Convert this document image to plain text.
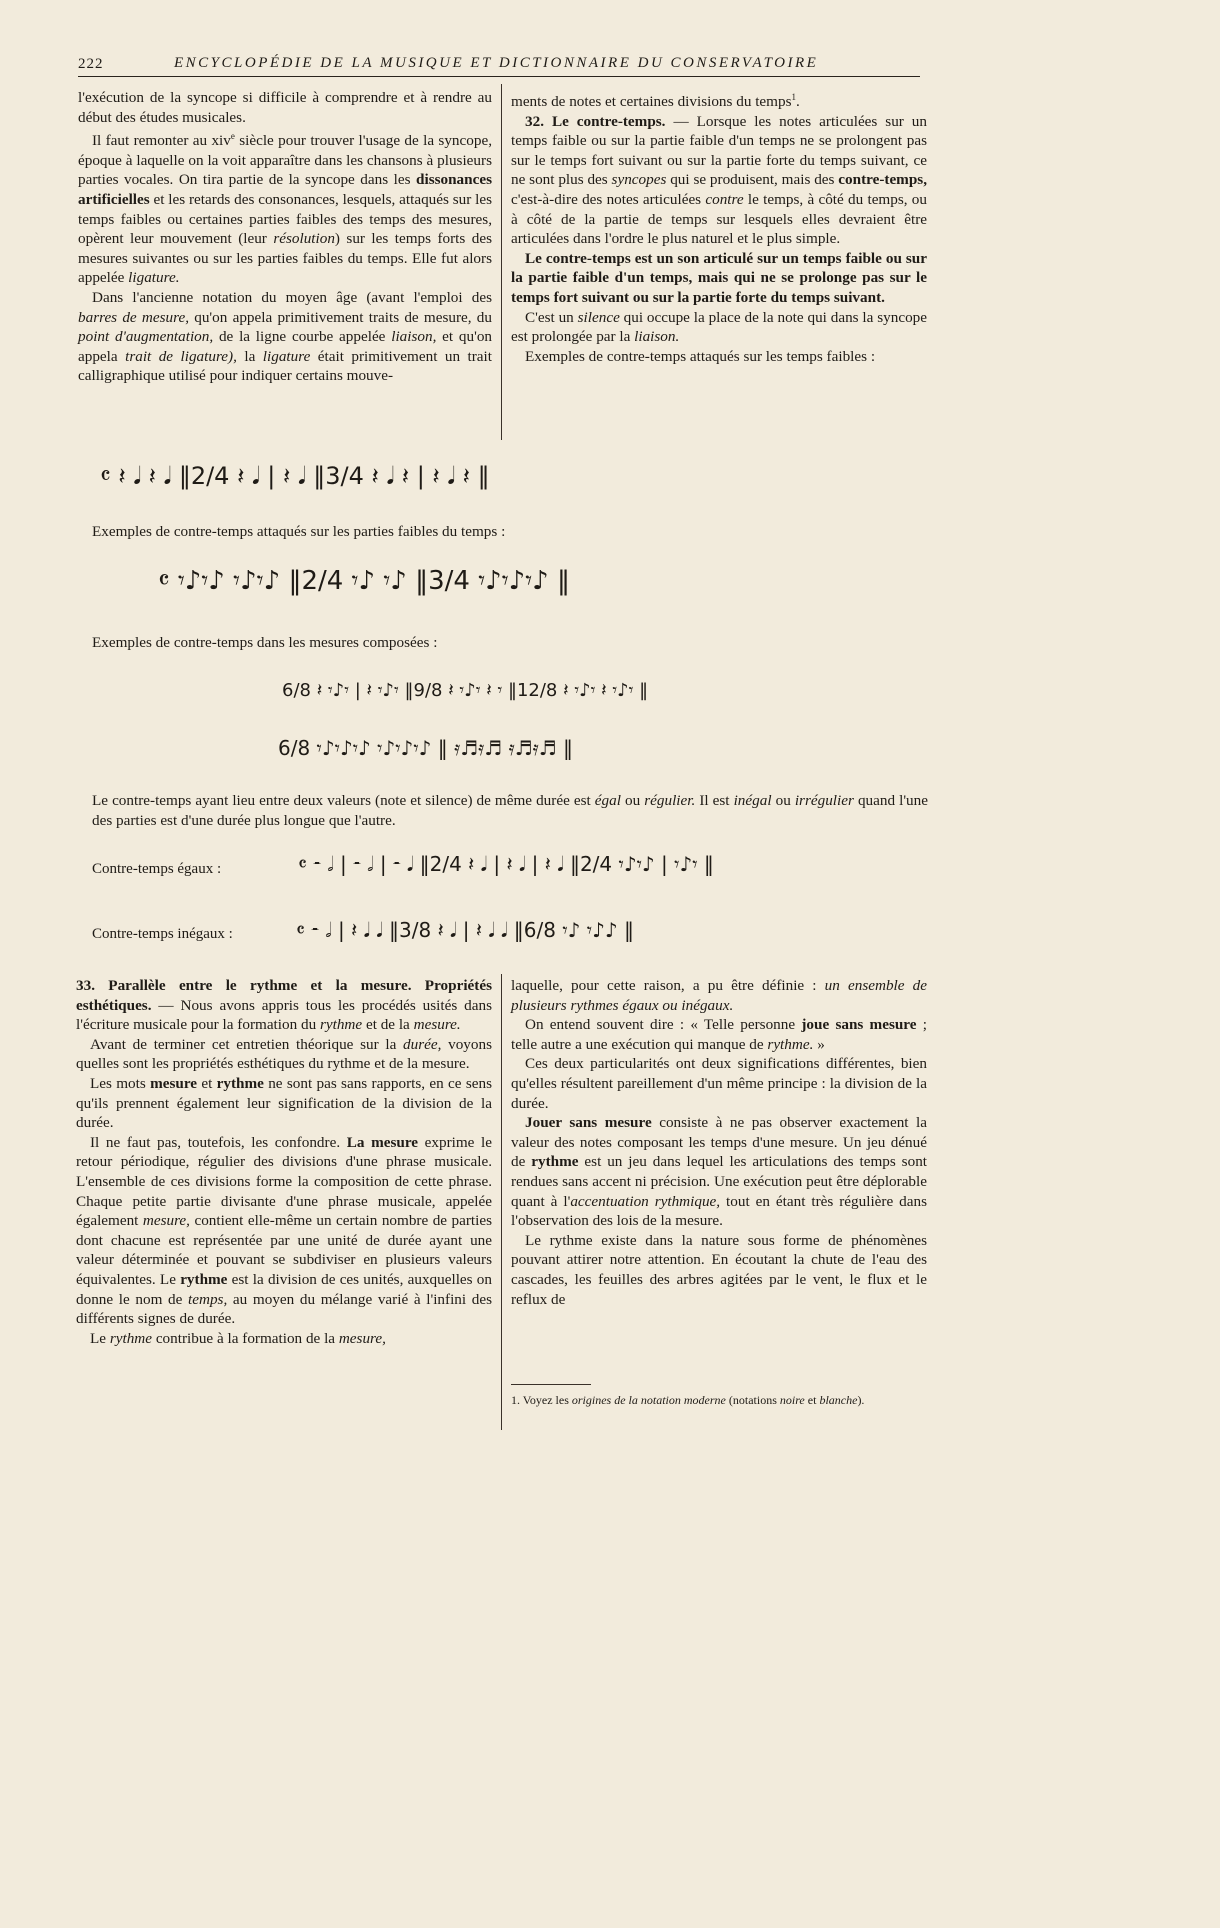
222	ENCYCLOPÉDIE DE LA MUSIQUE ET DICTIONNAIRE DU CONSERVATOIRE

l'exécution de la syncope si difficile à comprendre et à rendre au début des études musicales.

Il faut remonter au xiv$^e$ siècle pour trouver l'usage de la syncope, époque à laquelle on la voit apparaître dans les chansons à plusieurs parties vocales. On tira partie de la syncope dans les dissonances artificielles et les retards des consonances, lesquels, attaqués sur les temps faibles ou certaines parties faibles des temps des mesures, opèrent leur mouvement (leur résolution) sur les temps forts des mesures suivantes ou sur les parties faibles du temps. Elle fut alors appelée ligature.

Dans l'ancienne notation du moyen âge (avant l'emploi des barres de mesure, qu'on appela primitivement traits de mesure, du point d'augmentation, de la ligne courbe appelée liaison, et qu'on appela trait de ligature), la ligature était primitivement un trait calligraphique utilisé pour indiquer certains mouve-

ments de notes et certaines divisions du temps$^1$.

32. Le contre-temps. — Lorsque les notes articulées sur un temps faible ou sur la partie faible d'un temps ne se prolongent pas sur le temps fort suivant ou sur la partie forte du temps suivant, ce ne sont plus des syncopes qui se produisent, mais des contre-temps, c'est-à-dire des notes articulées contre le temps, à côté du temps, ou à côté de la partie de temps sur lesquels elles devraient être articulées dans l'ordre le plus naturel et le plus simple.

Le contre-temps est un son articulé sur un temps faible ou sur la partie faible d'un temps, mais qui ne se prolonge pas sur le temps fort suivant ou sur la partie forte du temps suivant.

C'est un silence qui occupe la place de la note qui dans la syncope est prolongée par la liaison.

Exemples de contre-temps attaqués sur les temps faibles :

𝄴 𝄽 𝅘𝅥 𝄽 𝅘𝅥 ‖2/4 𝄽 𝅘𝅥 | 𝄽 𝅘𝅥 ‖3/4 𝄽 𝅘𝅥 𝄽 | 𝄽 𝅘𝅥 𝄽 ‖
Exemples de contre-temps attaqués sur les parties faibles du temps :
𝄴 𝄾♪𝄾♪ 𝄾♪𝄾♪ ‖2/4 𝄾♪ 𝄾♪ ‖3/4 𝄾♪𝄾♪𝄾♪ ‖
Exemples de contre-temps dans les mesures composées :
6/8 𝄽 𝄾♪𝄾 | 𝄽 𝄾♪𝄾 ‖9/8 𝄽 𝄾♪𝄾 𝄽 𝄾 ‖12/8 𝄽 𝄾♪𝄾 𝄽 𝄾♪𝄾 ‖
6/8 𝄾♪𝄾♪𝄾♪ 𝄾♪𝄾♪𝄾♪ ‖ 𝄿♬𝄿♬ 𝄿♬𝄿♬ ‖
Le contre-temps ayant lieu entre deux valeurs (note et silence) de même durée est égal ou régulier. Il est inégal ou irrégulier quand l'une des parties est d'une durée plus longue que l'autre.
Contre-temps égaux :	𝄴 𝄼 𝅗𝅥 | 𝄼 𝅗𝅥 | 𝄼 𝅘𝅥 ‖2/4 𝄽 𝅘𝅥 | 𝄽 𝅘𝅥 | 𝄽 𝅘𝅥 ‖2/4 𝄾♪𝄾♪ | 𝄾♪𝄾 ‖
Contre-temps inégaux :	𝄴 𝄼 𝅗𝅥 | 𝄽 𝅘𝅥 𝅘𝅥 ‖3/8 𝄽 𝅘𝅥 | 𝄽 𝅘𝅥 𝅘𝅥 ‖6/8 𝄾♪ 𝄾♪♪ ‖

33. Parallèle entre le rythme et la mesure. Propriétés esthétiques. — Nous avons appris tous les procédés usités dans l'écriture musicale pour la formation du rythme et de la mesure.

Avant de terminer cet entretien théorique sur la durée, voyons quelles sont les propriétés esthétiques du rythme et de la mesure.

Les mots mesure et rythme ne sont pas sans rapports, en ce sens qu'ils prennent également leur signification de la division de la durée.

Il ne faut pas, toutefois, les confondre. La mesure exprime le retour périodique, régulier des divisions d'une phrase musicale. L'ensemble de ces divisions forme la composition de cette phrase. Chaque petite partie divisante d'une phrase musicale, appelée également mesure, contient elle-même un certain nombre de parties dont chacune est représentée par une unité de durée ayant une valeur déterminée et pouvant se subdiviser en plusieurs valeurs équivalentes. Le rythme est la division de ces unités, auxquelles on donne le nom de temps, au moyen du mélange varié à l'infini des différents signes de durée.

Le rythme contribue à la formation de la mesure,

laquelle, pour cette raison, a pu être définie : un ensemble de plusieurs rythmes égaux ou inégaux.

On entend souvent dire : « Telle personne joue sans mesure ; telle autre a une exécution qui manque de rythme. »

Ces deux particularités ont deux significations différentes, bien qu'elles résultent pareillement d'un même principe : la division de la durée.

Jouer sans mesure consiste à ne pas observer exactement la valeur des notes composant les temps d'une mesure. Un jeu dénué de rythme est un jeu dans lequel les articulations des temps sont rendues sans accent ni précision. Une exécution peut être déplorable quant à l'accentuation rythmique, tout en étant très régulière dans l'observation des lois de la mesure.

Le rythme existe dans la nature sous forme de phénomènes pouvant attirer notre attention. En écoutant la chute de l'eau des cascades, les feuilles des arbres agitées par le vent, le flux et le reflux de

1. Voyez les origines de la notation moderne (notations noire et blanche).
